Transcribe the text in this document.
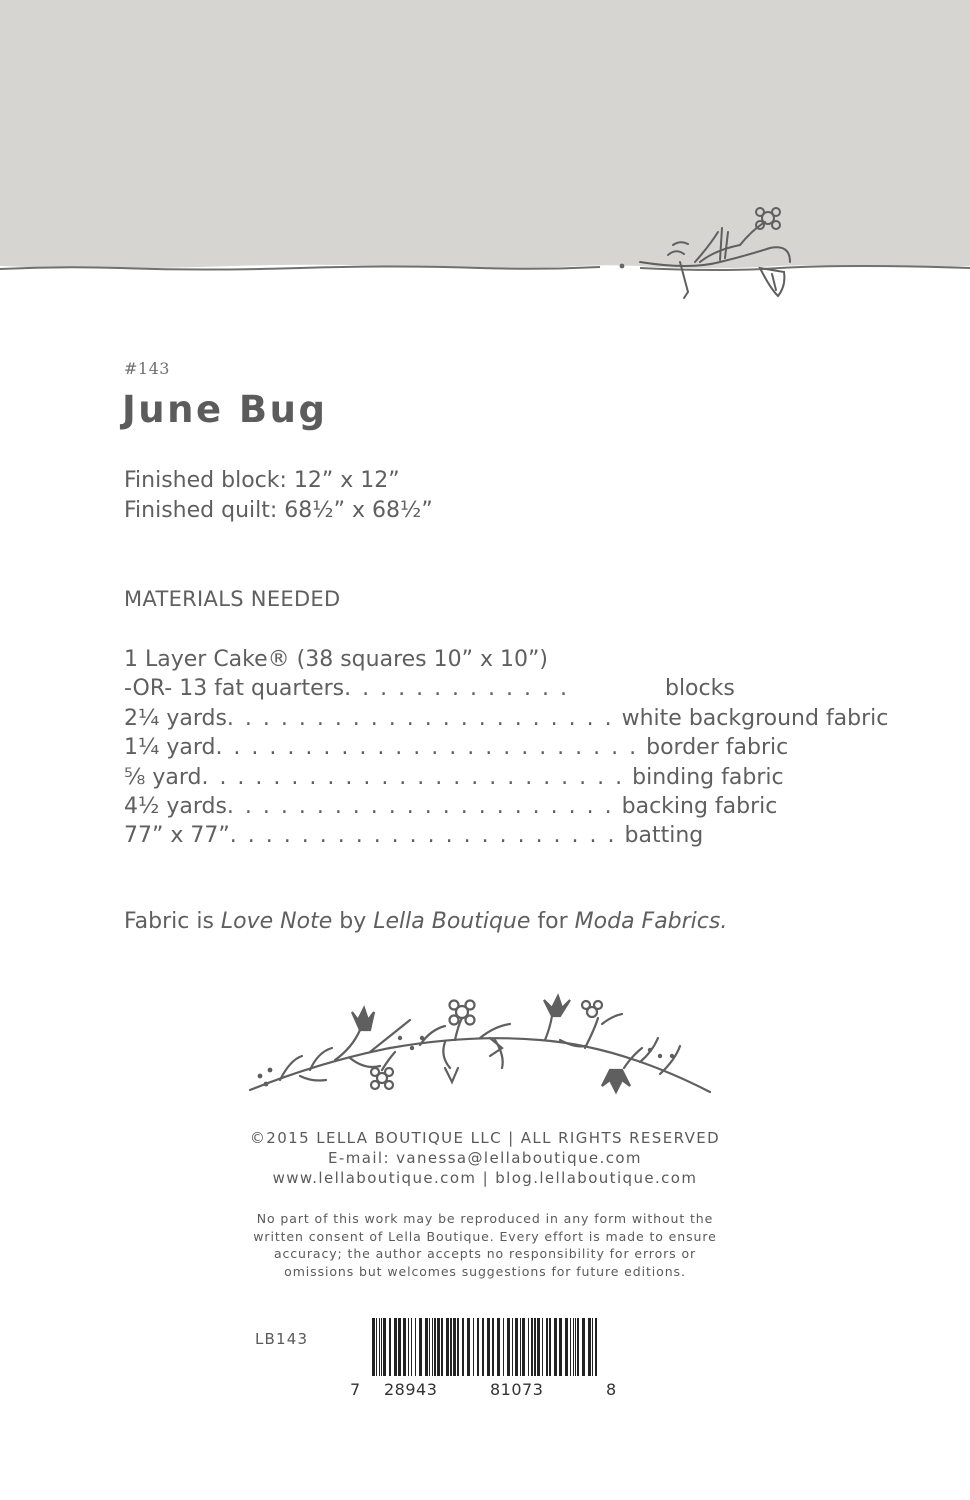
#143
June Bug
Finished block: 12” x 12”
Finished quilt: 68½” x 68½”
MATERIALS NEEDED
1 Layer Cake® (38 squares 10” x 10”)
-OR- 13 fat quarters . . . . . . . . . . . . .	blocks
2¼ yards . . . . . . . . . . . . . . . . . . . . . . white background fabric
1¼ yard . . . . . . . . . . . . . . . . . . . . . . . . border fabric
⅝ yard . . . . . . . . . . . . . . . . . . . . . . . . binding fabric
4½ yards . . . . . . . . . . . . . . . . . . . . . . backing fabric
77” x 77” . . . . . . . . . . . . . . . . . . . . . . batting
Fabric is Love Note by Lella Boutique for Moda Fabrics.
©2015 LELLA BOUTIQUE LLC | ALL RIGHTS RESERVED
E-mail: vanessa@lellaboutique.com
www.lellaboutique.com | blog.lellaboutique.com
No part of this work may be reproduced in any form without the
written consent of Lella Boutique. Every effort is made to ensure
accuracy; the author accepts no responsibility for errors or
omissions but welcomes suggestions for future editions.
LB143
7 28943	81073	8
